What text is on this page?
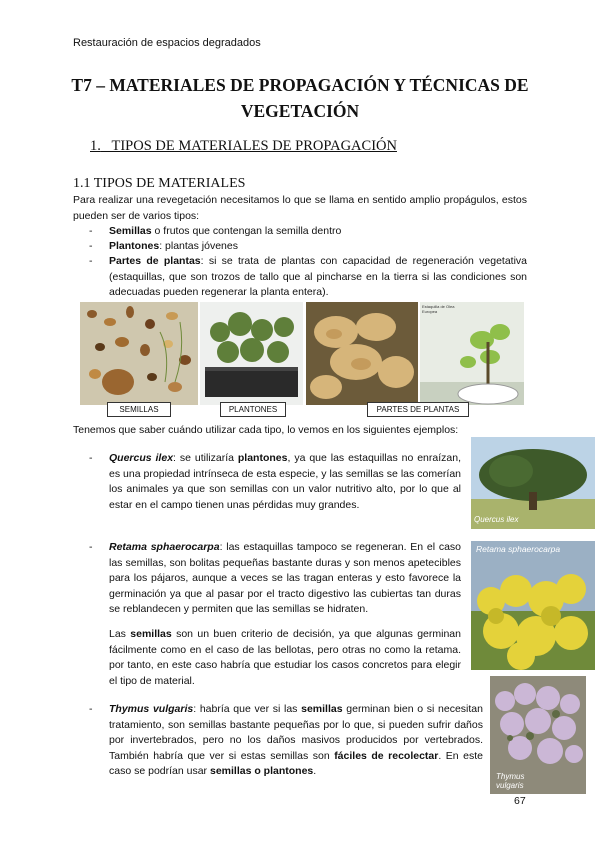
Restauración de espacios degradados
T7 – MATERIALES DE PROPAGACIÓN Y TÉCNICAS DE
VEGETACIÓN
1. TIPOS DE MATERIALES DE PROPAGACIÓN
1.1 TIPOS DE MATERIALES
Para realizar una revegetación necesitamos lo que se llama en sentido amplio propágulos, estos pueden ser de varios tipos:
- Semillas o frutos que contengan la semilla dentro
- Plantones: plantas jóvenes
- Partes de plantas: si se trata de plantas con capacidad de regeneración vegetativa (estaquillas, que son trozos de tallo que al pincharse en la tierra si las condiciones son adecuadas pueden regenerar la planta entera).
Estaquilla de Olea Europea
SEMILLAS	PLANTONES	PARTES DE PLANTAS
Tenemos que saber cuándo utilizar cada tipo, lo vemos en los siguientes ejemplos:
- Quercus ilex: se utilizaría plantones, ya que las estaquillas no enraízan, es una propiedad intrínseca de esta especie, y las semillas se las comerían los animales ya que son semillas con un valor nutritivo alto, por lo que al estar en el campo tienen unas pérdidas muy grandes.
Quercus ilex
- Retama sphaerocarpa: las estaquillas tampoco se regeneran. En el caso las semillas, son bolitas pequeñas bastante duras y son menos apetecibles para los pájaros, aunque a veces se las tragan enteras y esto favorece la germinación ya que al pasar por el tracto digestivo las cubiertas tan duras se reblandecen y permiten que las semillas se hidraten.
Las semillas son un buen criterio de decisión, ya que algunas germinan fácilmente como en el caso de las bellotas, pero otras no como la retama. por tanto, en este caso habría que estudiar los casos concretos para elegir el tipo de material.
Retama sphaerocarpa
- Thymus vulgaris: habría que ver si las semillas germinan bien o si necesitan tratamiento, son semillas bastante pequeñas por lo que, si pueden sufrir daños por invertebrados, pero no los daños masivos producidos por vertebrados. También habría que ver si estas semillas son fáciles de recolectar. En este caso se podrían usar semillas o plantones.	Thymus vulgaris
67
